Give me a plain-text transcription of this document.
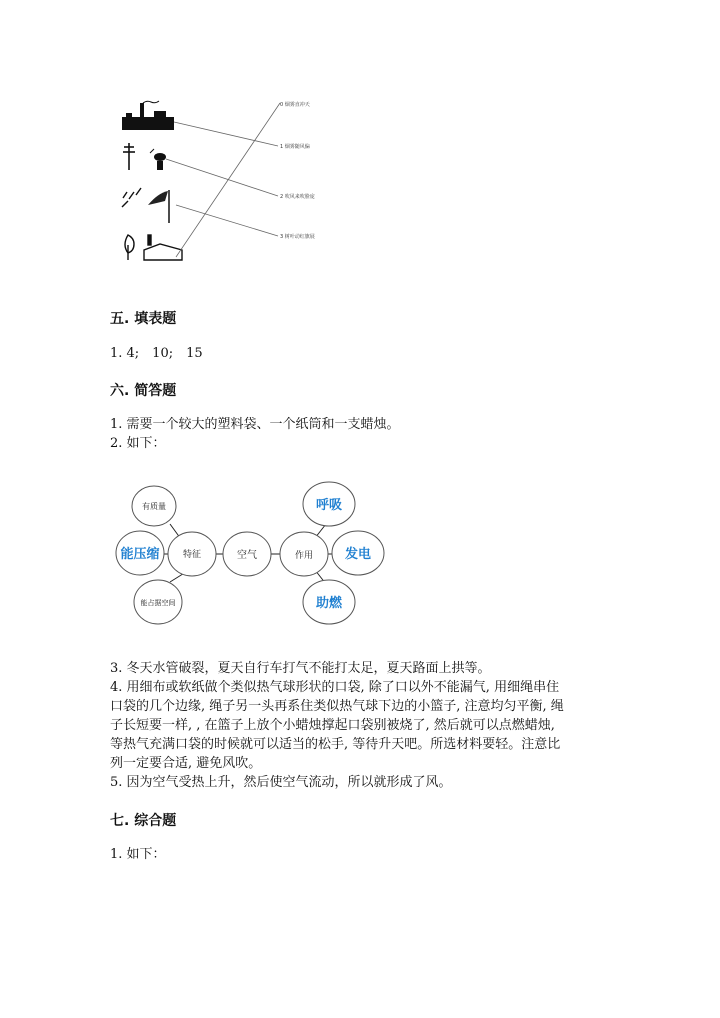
0 烟雾直冲天
1 烟雾随风偏
2 吹风来吹脸庞
3 树叶动红旗展
五. 填表题
1. 4;　10;　15
六. 简答题
1. 需要一个较大的塑料袋、一个纸筒和一支蜡烛。
2. 如下：
有质量
特征
能占据空间
空气	作用
能压缩
呼吸
发电
助燃
3. 冬天水管破裂，夏天自行车打气不能打太足，夏天路面上拱等。
4. 用细布或软纸做个类似热气球形状的口袋, 除了口以外不能漏气, 用细绳串住
口袋的几个边缘, 绳子另一头再系住类似热气球下边的小篮子, 注意均匀平衡, 绳
子长短要一样, , 在篮子上放个小蜡烛撑起口袋别被烧了, 然后就可以点燃蜡烛,
等热气充满口袋的时候就可以适当的松手, 等待升天吧。所选材料要轻。注意比
列一定要合适, 避免风吹。
5. 因为空气受热上升，然后使空气流动，所以就形成了风。
七. 综合题
1. 如下：
